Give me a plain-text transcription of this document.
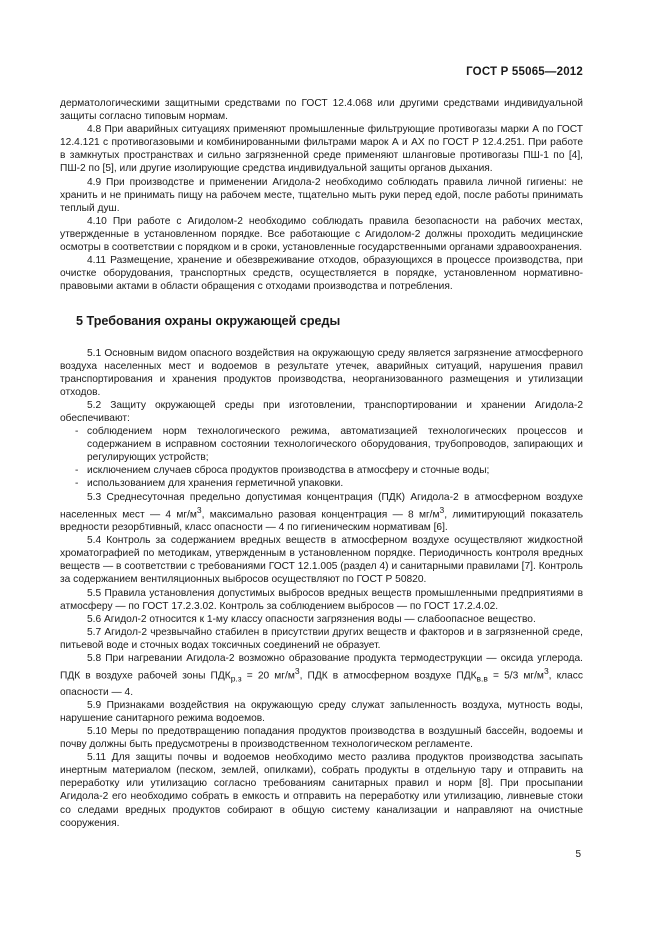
ГОСТ Р 55065—2012

дерматологическими защитными средствами по ГОСТ 12.4.068 или другими средствами индивидуальной защиты согласно типовым нормам.

4.8 При аварийных ситуациях применяют промышленные фильтрующие противогазы марки А по ГОСТ 12.4.121 с противогазовыми и комбинированными фильтрами марок А и АХ по ГОСТ Р 12.4.251. При работе в замкнутых пространствах и сильно загрязненной среде применяют шланговые противогазы ПШ-1 по [4], ПШ-2 по [5], или другие изолирующие средства индивидуальной защиты органов дыхания.

4.9 При производстве и применении Агидола-2 необходимо соблюдать правила личной гигиены: не хранить и не принимать пищу на рабочем месте, тщательно мыть руки перед едой, после работы принимать теплый душ.

4.10 При работе с Агидолом-2 необходимо соблюдать правила безопасности на рабочих местах, утвержденные в установленном порядке. Все работающие с Агидолом-2 должны проходить медицинские осмотры в соответствии с порядком и в сроки, установленные государственными органами здравоохранения.

4.11 Размещение, хранение и обезвреживание отходов, образующихся в процессе производства, при очистке оборудования, транспортных средств, осуществляется в порядке, установленном нормативно-правовыми актами в области обращения с отходами производства и потребления.

5 Требования охраны окружающей среды

5.1 Основным видом опасного воздействия на окружающую среду является загрязнение атмосферного воздуха населенных мест и водоемов в результате утечек, аварийных ситуаций, нарушения правил транспортирования и хранения продуктов производства, неорганизованного размещения и утилизации отходов.

5.2 Защиту окружающей среды при изготовлении, транспортировании и хранении Агидола-2 обеспечивают:

- соблюдением норм технологического режима, автоматизацией технологических процессов и содержанием в исправном состоянии технологического оборудования, трубопроводов, запирающих и регулирующих устройств;

- исключением случаев сброса продуктов производства в атмосферу и сточные воды;

- использованием для хранения герметичной упаковки.

5.3 Среднесуточная предельно допустимая концентрация (ПДК) Агидола-2 в атмосферном воздухе населенных мест — 4 $мг/м^3$, максимально разовая концентрация — 8 $мг/м^3$, лимитирующий показатель вредности резорбтивный, класс опасности — 4 по гигиеническим нормативам [6].

5.4 Контроль за содержанием вредных веществ в атмосферном воздухе осуществляют жидкостной хроматографией по методикам, утвержденным в установленном порядке. Периодичность контроля вредных веществ — в соответствии с требованиями ГОСТ 12.1.005 (раздел 4) и санитарными правилами [7]. Контроль за содержанием вентиляционных выбросов осуществляют по ГОСТ Р 50820.

5.5 Правила установления допустимых выбросов вредных веществ промышленными предприятиями в атмосферу — по ГОСТ 17.2.3.02. Контроль за соблюдением выбросов — по ГОСТ 17.2.4.02.

5.6 Агидол-2 относится к 1-му классу опасности загрязнения воды — слабоопасное вещество.

5.7 Агидол-2 чрезвычайно стабилен в присутствии других веществ и факторов и в загрязненной среде, питьевой воде и сточных водах токсичных соединений не образует.

5.8 При нагревании Агидола-2 возможно образование продукта термодеструкции — оксида углерода. ПДК в воздухе рабочей зоны $ПДК_{р.з} = 20$ $мг/м^3$, ПДК в атмосферном воздухе $ПДК_{в.в} = 5/3$ $мг/м^3$, класс опасности — 4.

5.9 Признаками воздействия на окружающую среду служат запыленность воздуха, мутность воды, нарушение санитарного режима водоемов.

5.10 Меры по предотвращению попадания продуктов производства в воздушный бассейн, водоемы и почву должны быть предусмотрены в производственном технологическом регламенте.

5.11 Для защиты почвы и водоемов необходимо место разлива продуктов производства засыпать инертным материалом (песком, землей, опилками), собрать продукты в отдельную тару и отправить на переработку или утилизацию согласно требованиям санитарных правил и норм [8]. При просыпании Агидола-2 его необходимо собрать в емкость и отправить на переработку или утилизацию, ливневые стоки со следами вредных продуктов собирают в общую систему канализации и направляют на очистные сооружения.

5
